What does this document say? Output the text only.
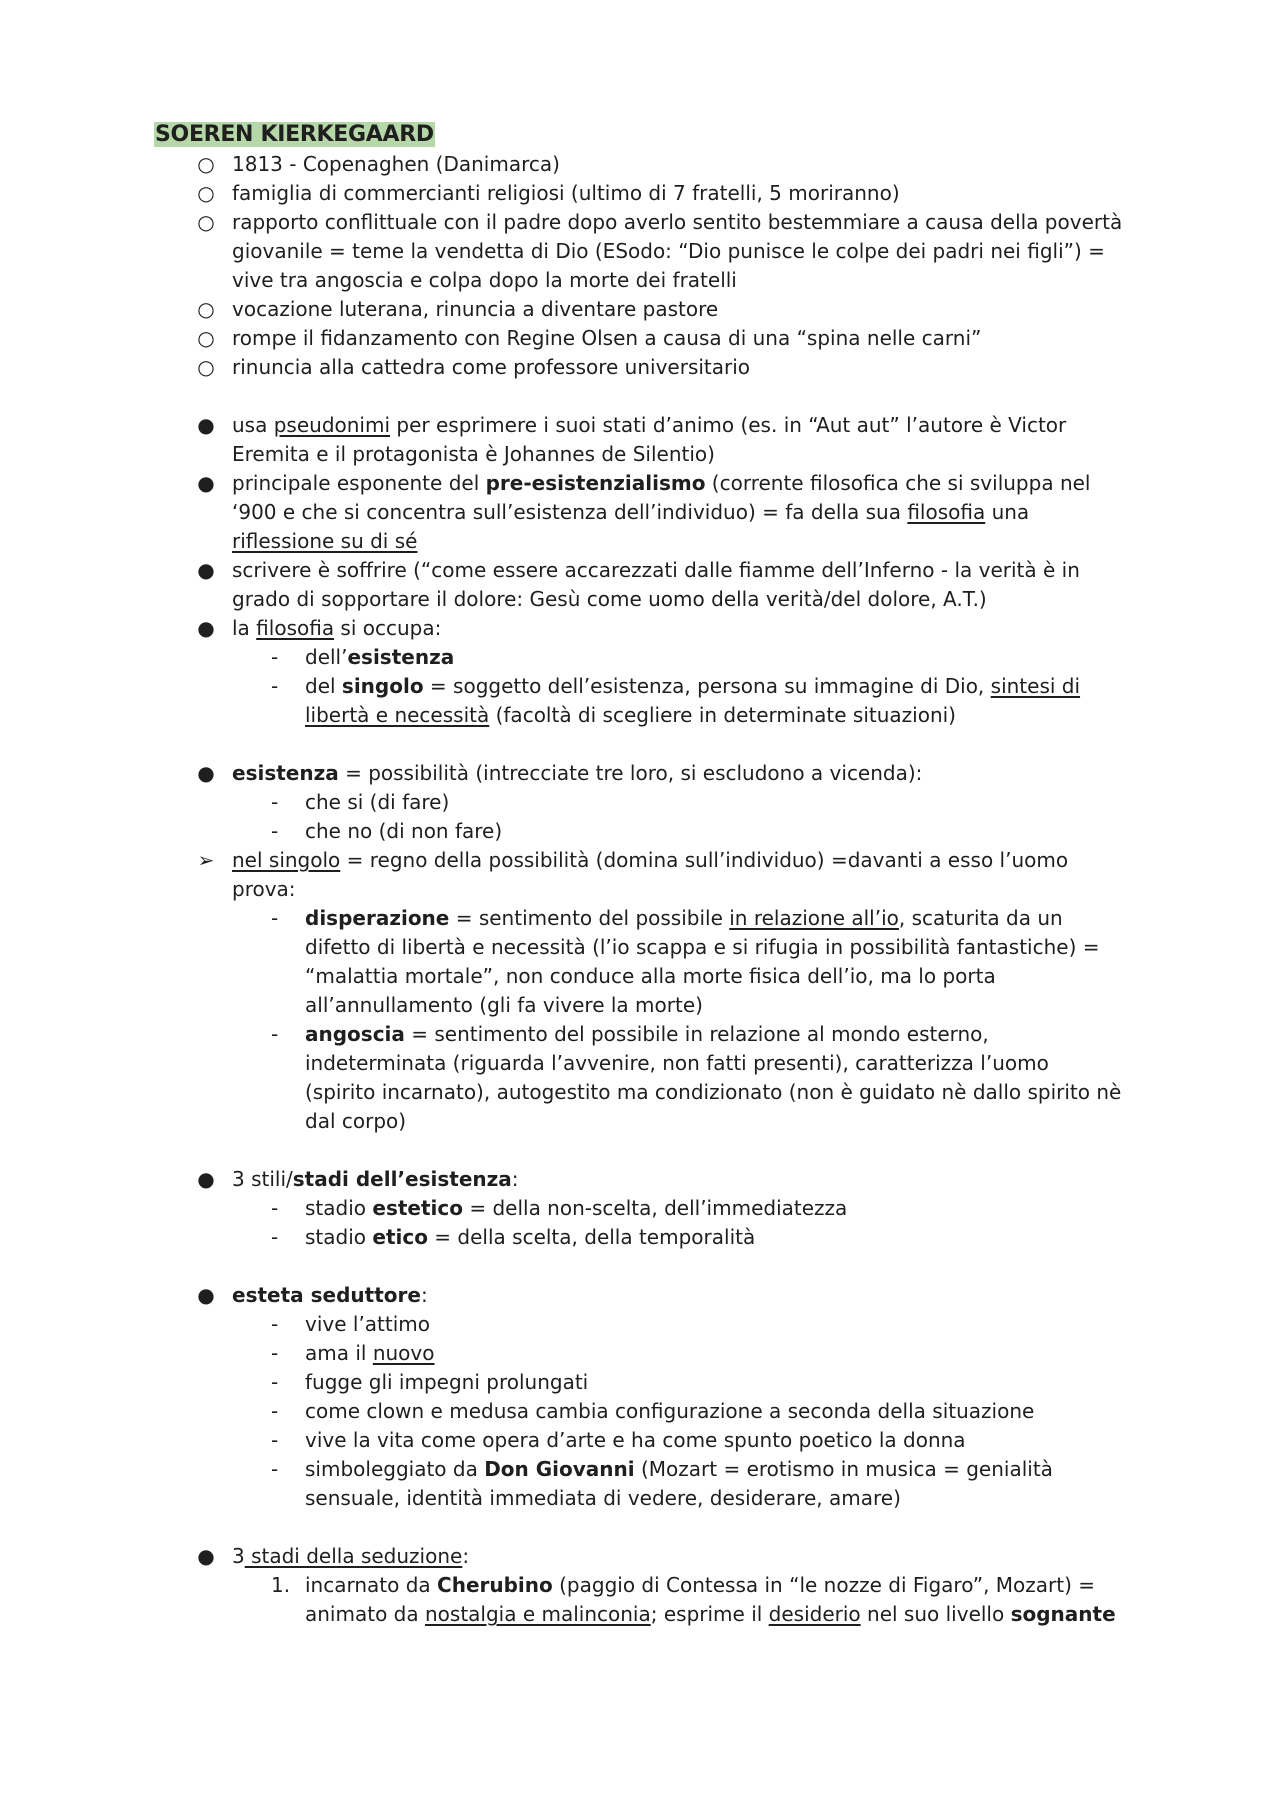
SOEREN KIERKEGAARD
○ 1813 - Copenaghen (Danimarca)
○ famiglia di commercianti religiosi (ultimo di 7 fratelli, 5 moriranno)
○ rapporto conflittuale con il padre dopo averlo sentito bestemmiare a causa della povertà giovanile = teme la vendetta di Dio (ESodo: “Dio punisce le colpe dei padri nei figli”) = vive tra angoscia e colpa dopo la morte dei fratelli
○ vocazione luterana, rinuncia a diventare pastore
○ rompe il fidanzamento con Regine Olsen a causa di una “spina nelle carni”
○ rinuncia alla cattedra come professore universitario
● usa pseudonimi per esprimere i suoi stati d’animo (es. in “Aut aut” l’autore è Victor Eremita e il protagonista è Johannes de Silentio)
● principale esponente del pre-esistenzialismo (corrente filosofica che si sviluppa nel ‘900 e che si concentra sull’esistenza dell’individuo) = fa della sua filosofia una riflessione su di sé
● scrivere è soffrire (“come essere accarezzati dalle fiamme dell’Inferno - la verità è in grado di sopportare il dolore: Gesù come uomo della verità/del dolore, A.T.)
● la filosofia si occupa:
-	dell’esistenza
-	del singolo = soggetto dell’esistenza, persona su immagine di Dio, sintesi di libertà e necessità (facoltà di scegliere in determinate situazioni)
● esistenza = possibilità (intrecciate tre loro, si escludono a vicenda):
-	che si (di fare)
-	che no (di non fare)
➢ nel singolo = regno della possibilità (domina sull’individuo) =davanti a esso l’uomo prova:
-	disperazione = sentimento del possibile in relazione all’io, scaturita da un difetto di libertà e necessità (l’io scappa e si rifugia in possibilità fantastiche) = “malattia mortale”, non conduce alla morte fisica dell’io, ma lo porta all’annullamento (gli fa vivere la morte)
-	angoscia = sentimento del possibile in relazione al mondo esterno, indeterminata (riguarda l’avvenire, non fatti presenti), caratterizza l’uomo (spirito incarnato), autogestito ma condizionato (non è guidato nè dallo spirito nè dal corpo)
● 3 stili/stadi dell’esistenza:
-	stadio estetico = della non-scelta, dell’immediatezza
-	stadio etico = della scelta, della temporalità
● esteta seduttore:
-	vive l’attimo
-	ama il nuovo
-	fugge gli impegni prolungati
-	come clown e medusa cambia configurazione a seconda della situazione
-	vive la vita come opera d’arte e ha come spunto poetico la donna
-	simboleggiato da Don Giovanni (Mozart = erotismo in musica = genialità sensuale, identità immediata di vedere, desiderare, amare)
● 3 stadi della seduzione:
1. incarnato da Cherubino (paggio di Contessa in “le nozze di Figaro”, Mozart) = animato da nostalgia e malinconia; esprime il desiderio nel suo livello sognante
